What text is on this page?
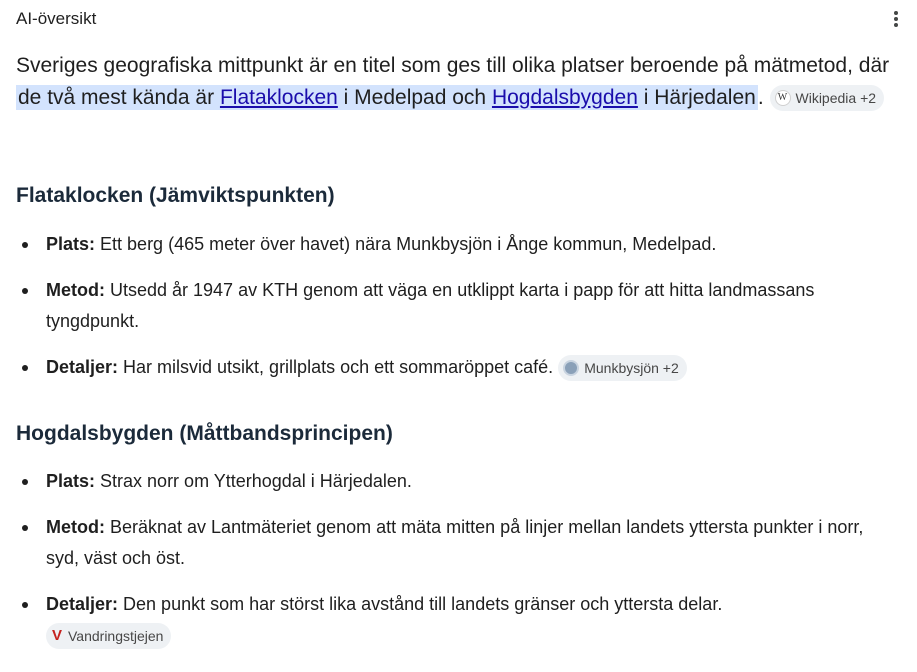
AI-översikt
Sveriges geografiska mittpunkt är en titel som ges till olika platser beroende på mätmetod, där de två mest kända är Flataklocken i Medelpad och Hogdalsbygden i Härjedalen.	W Wikipedia +2
Flataklocken (Jämviktspunkten)
Plats: Ett berg (465 meter över havet) nära Munkbysjön i Ånge kommun, Medelpad.
Metod: Utsedd år 1947 av KTH genom att väga en utklippt karta i papp för att hitta landmassans tyngdpunkt.
Detaljer: Har milsvid utsikt, grillplats och ett sommaröppet café. Munkbysjön +2
Hogdalsbygden (Måttbandsprincipen)
Plats: Strax norr om Ytterhogdal i Härjedalen.
Metod: Beräknat av Lantmäteriet genom att mäta mitten på linjer mellan landets yttersta punkter i norr, syd, väst och öst.
Detaljer: Den punkt som har störst lika avstånd till landets gränser och yttersta delar.
V Vandringstjejen
